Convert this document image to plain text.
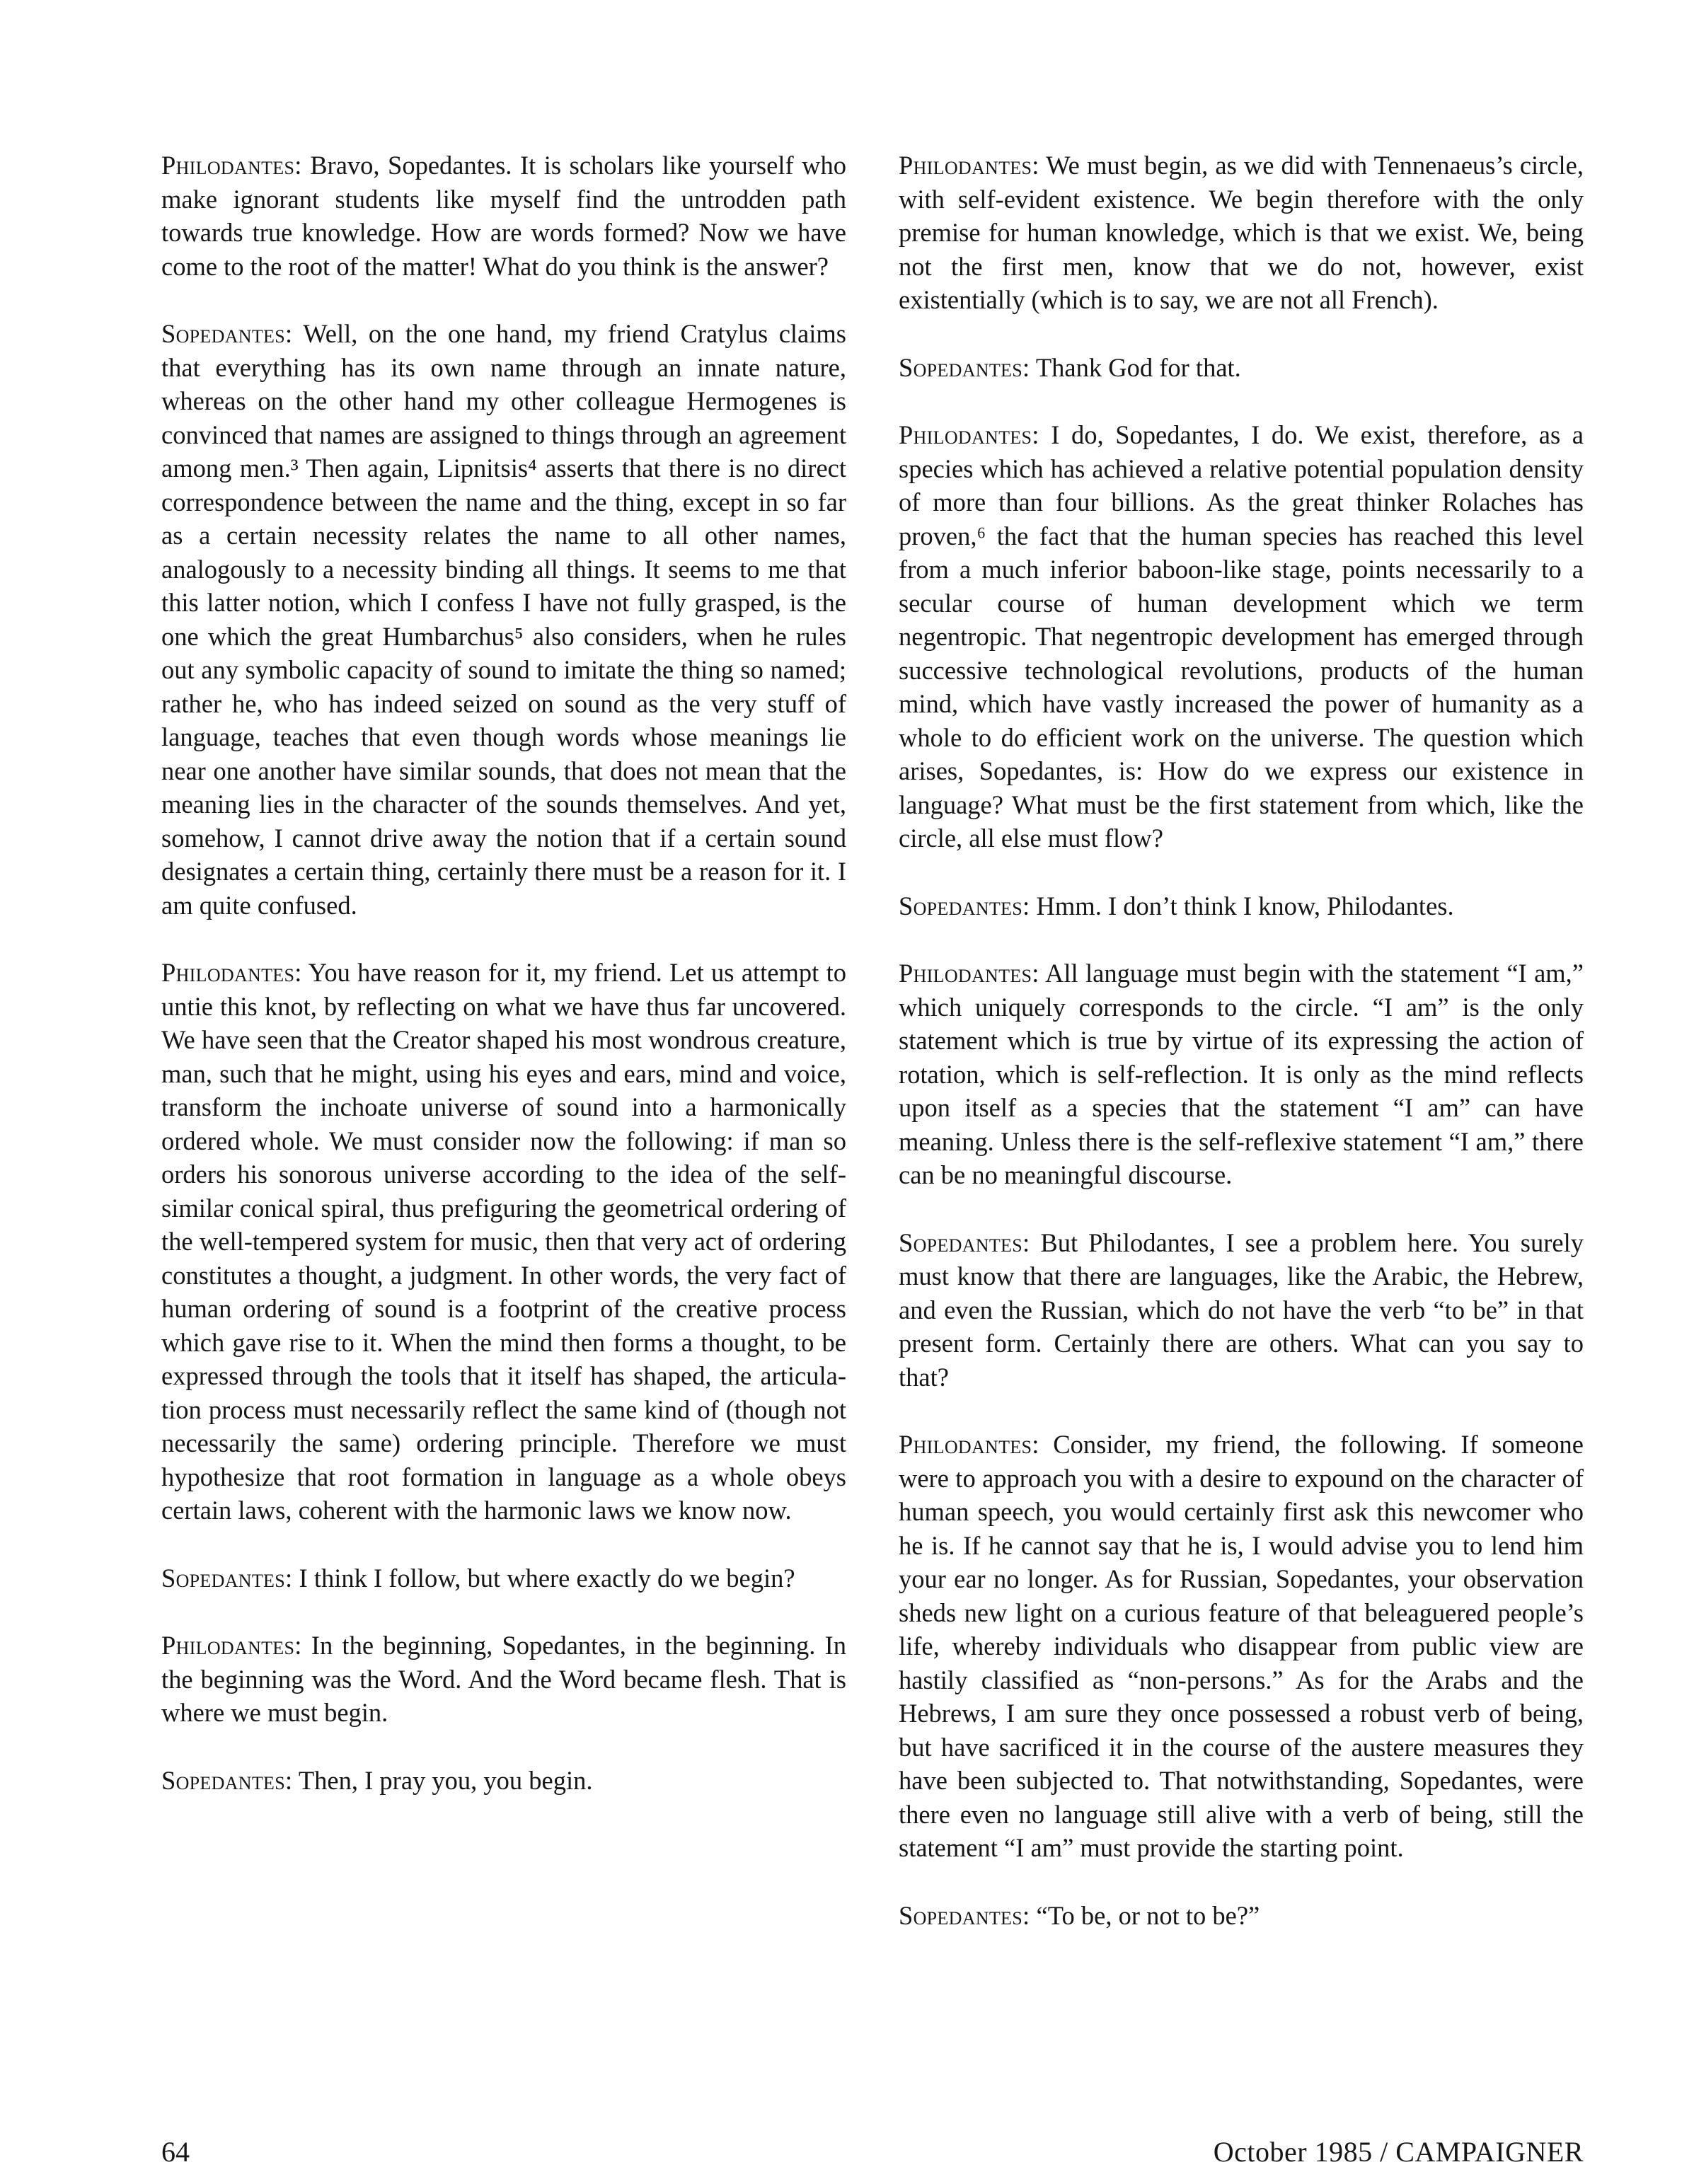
Philodantes: Bravo, Sopedantes. It is scholars like yourself who make ignorant students like myself find the untrodden path towards true knowledge. How are words formed? Now we have come to the root of the matter! What do you think is the answer?

Sopedantes: Well, on the one hand, my friend Cratylus claims that everything has its own name through an innate nature, whereas on the other hand my other colleague Hermogenes is convinced that names are assigned to things through an agreement among men.³ Then again, Lipnitsis⁴ asserts that there is no direct correspondence between the name and the thing, except in so far as a certain necessity relates the name to all other names, analogously to a necessity binding all things. It seems to me that this latter notion, which I confess I have not fully grasped, is the one which the great Humbarchus⁵ also considers, when he rules out any symbolic capacity of sound to imitate the thing so named; rather he, who has indeed seized on sound as the very stuff of language, teaches that even though words whose meanings lie near one another have similar sounds, that does not mean that the meaning lies in the character of the sounds themselves. And yet, somehow, I cannot drive away the notion that if a certain sound designates a certain thing, certainly there must be a reason for it. I am quite confused.

Philodantes: You have reason for it, my friend. Let us attempt to untie this knot, by reflecting on what we have thus far uncovered. We have seen that the Creator shaped his most wondrous creature, man, such that he might, using his eyes and ears, mind and voice, transform the inchoate universe of sound into a harmonically ordered whole. We must consider now the following: if man so orders his sonorous universe according to the idea of the self-similar conical spiral, thus prefiguring the geometrical ordering of the well-tempered system for music, then that very act of ordering constitutes a thought, a judgment. In other words, the very fact of human ordering of sound is a footprint of the creative process which gave rise to it. When the mind then forms a thought, to be expressed through the tools that it itself has shaped, the articulation process must necessarily reflect the same kind of (though not necessarily the same) ordering principle. Therefore we must hypothesize that root formation in language as a whole obeys certain laws, coherent with the harmonic laws we know now.

Sopedantes: I think I follow, but where exactly do we begin?

Philodantes: In the beginning, Sopedantes, in the beginning. In the beginning was the Word. And the Word became flesh. That is where we must begin.

Sopedantes: Then, I pray you, you begin.

Philodantes: We must begin, as we did with Tennenaeus’s circle, with self-evident existence. We begin therefore with the only premise for human knowledge, which is that we exist. We, being not the first men, know that we do not, however, exist existentially (which is to say, we are not all French).

Sopedantes: Thank God for that.

Philodantes: I do, Sopedantes, I do. We exist, therefore, as a species which has achieved a relative potential population density of more than four billions. As the great thinker Rolaches has proven,⁶ the fact that the human species has reached this level from a much inferior baboon-like stage, points necessarily to a secular course of human development which we term negentropic. That negentropic development has emerged through successive technological revolutions, products of the human mind, which have vastly increased the power of humanity as a whole to do efficient work on the universe. The question which arises, Sopedantes, is: How do we express our existence in language? What must be the first statement from which, like the circle, all else must flow?

Sopedantes: Hmm. I don’t think I know, Philodantes.

Philodantes: All language must begin with the statement “I am,” which uniquely corresponds to the circle. “I am” is the only statement which is true by virtue of its expressing the action of rotation, which is self-reflection. It is only as the mind reflects upon itself as a species that the statement “I am” can have meaning. Unless there is the self-reflexive statement “I am,” there can be no meaningful discourse.

Sopedantes: But Philodantes, I see a problem here. You surely must know that there are languages, like the Arabic, the Hebrew, and even the Russian, which do not have the verb “to be” in that present form. Certainly there are others. What can you say to that?

Philodantes: Consider, my friend, the following. If someone were to approach you with a desire to expound on the character of human speech, you would certainly first ask this newcomer who he is. If he cannot say that he is, I would advise you to lend him your ear no longer. As for Russian, Sopedantes, your observation sheds new light on a curious feature of that beleaguered people’s life, whereby individuals who disappear from public view are hastily classified as “non-persons.” As for the Arabs and the Hebrews, I am sure they once possessed a robust verb of being, but have sacrificed it in the course of the austere measures they have been subjected to. That notwithstanding, Sopedantes, were there even no language still alive with a verb of being, still the statement “I am” must provide the starting point.

Sopedantes: “To be, or not to be?”

64	October 1985 / CAMPAIGNER
